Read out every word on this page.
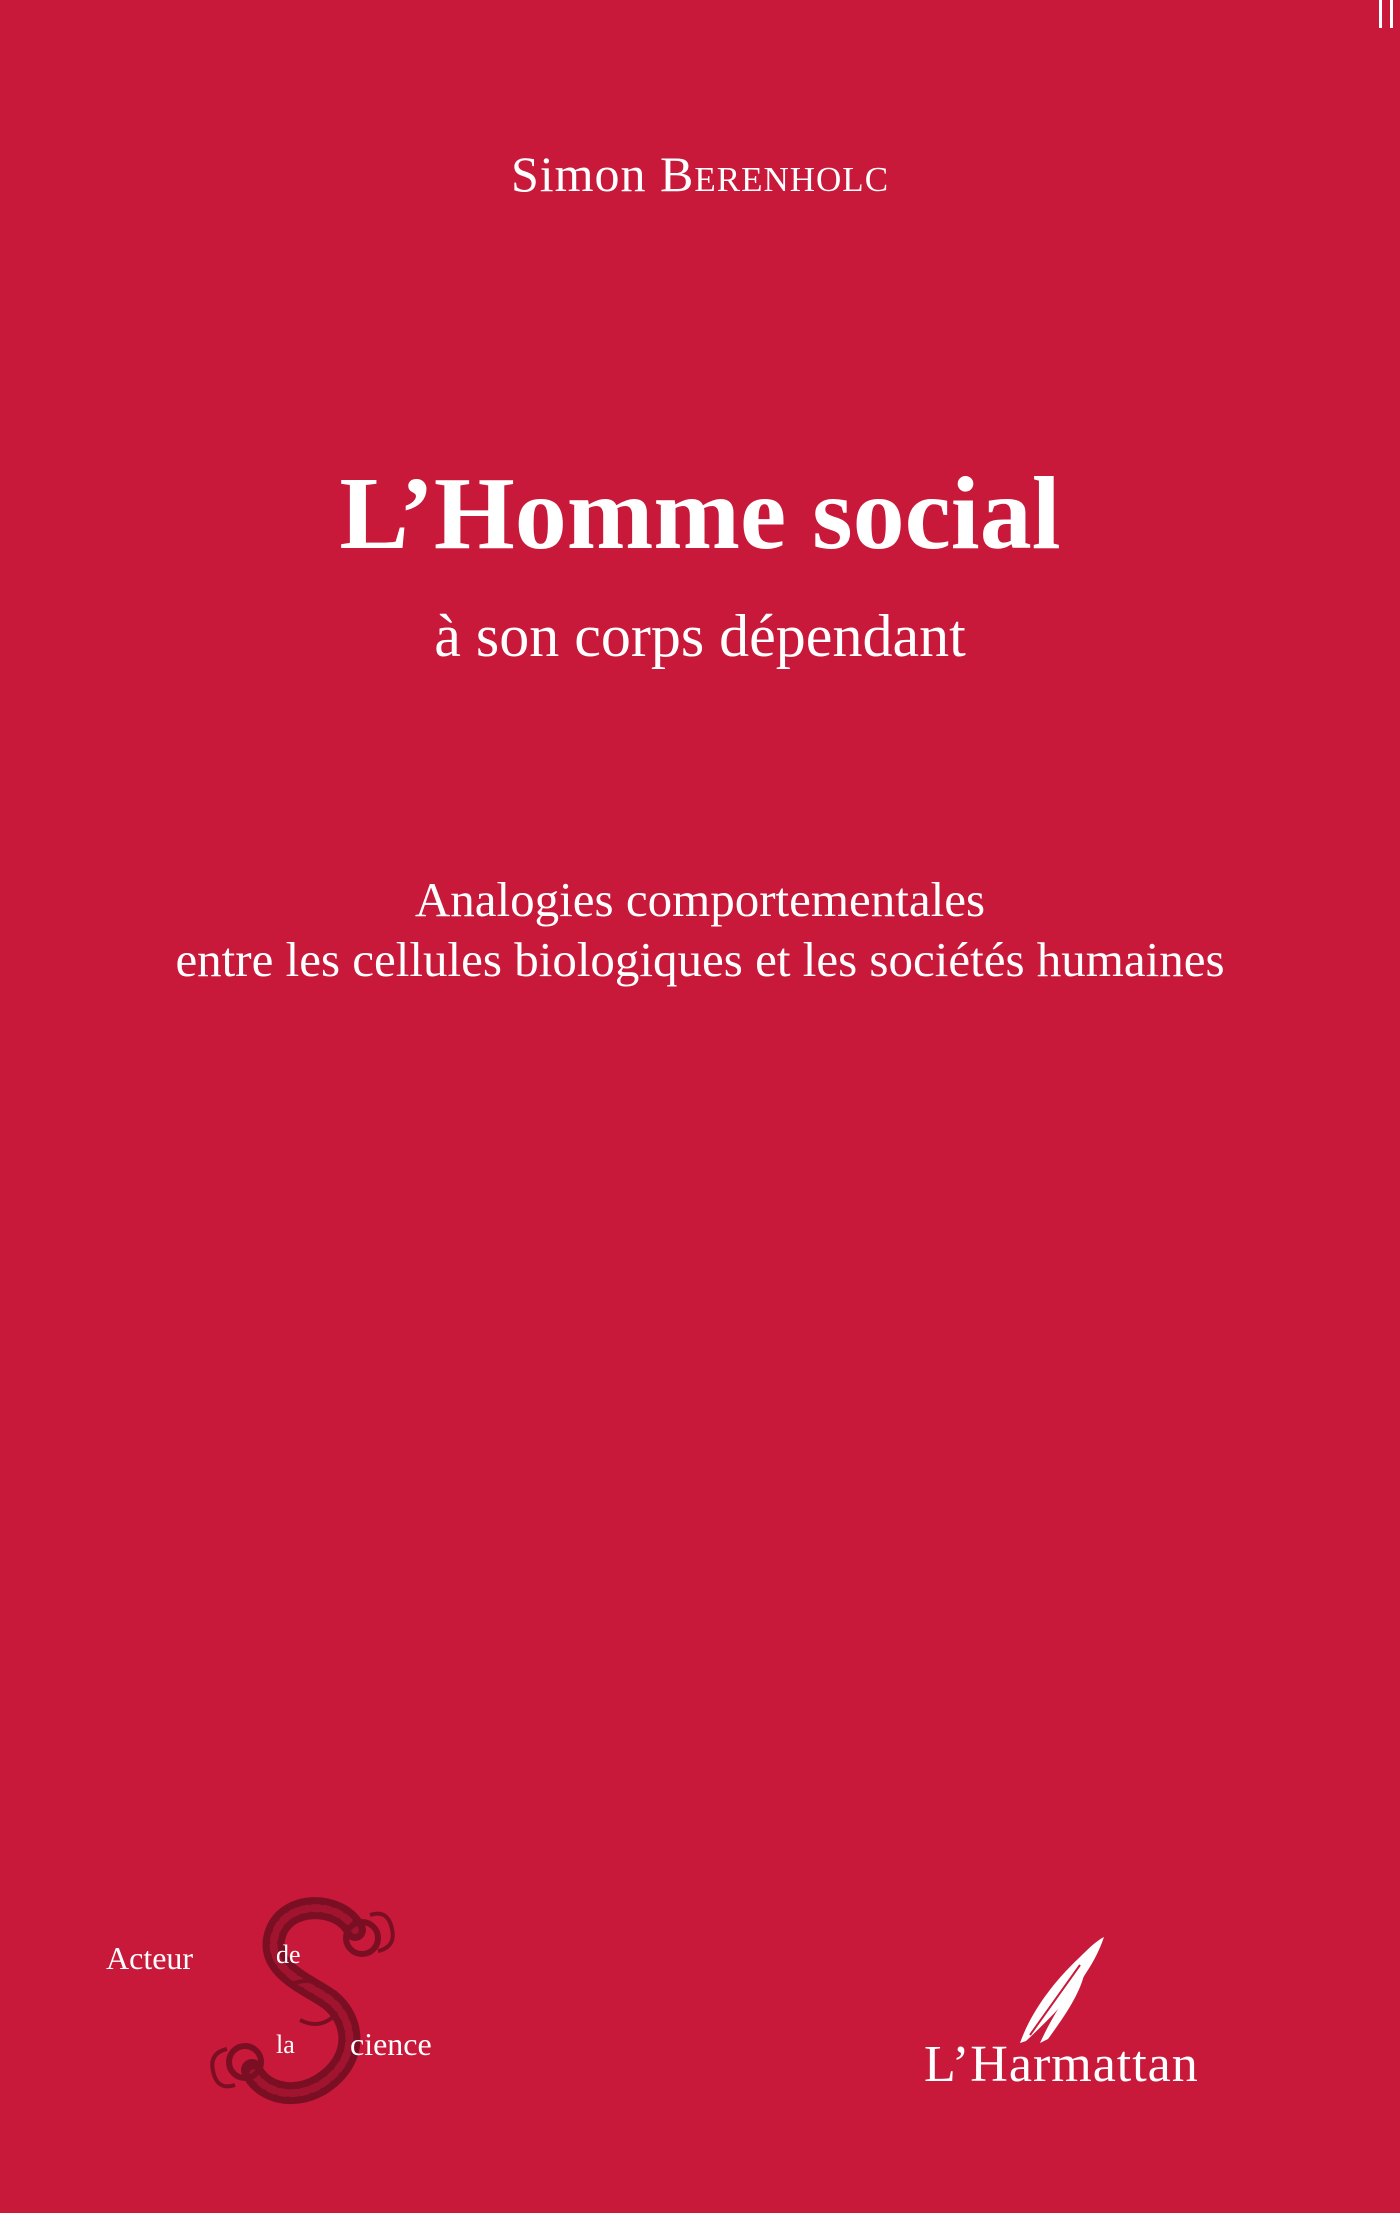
Simon Berenholc
L’Homme social
à son corps dépendant
Analogies comportementales
entre les cellules biologiques et les sociétés humaines
Acteur	de
la cience	L’Harmattan
